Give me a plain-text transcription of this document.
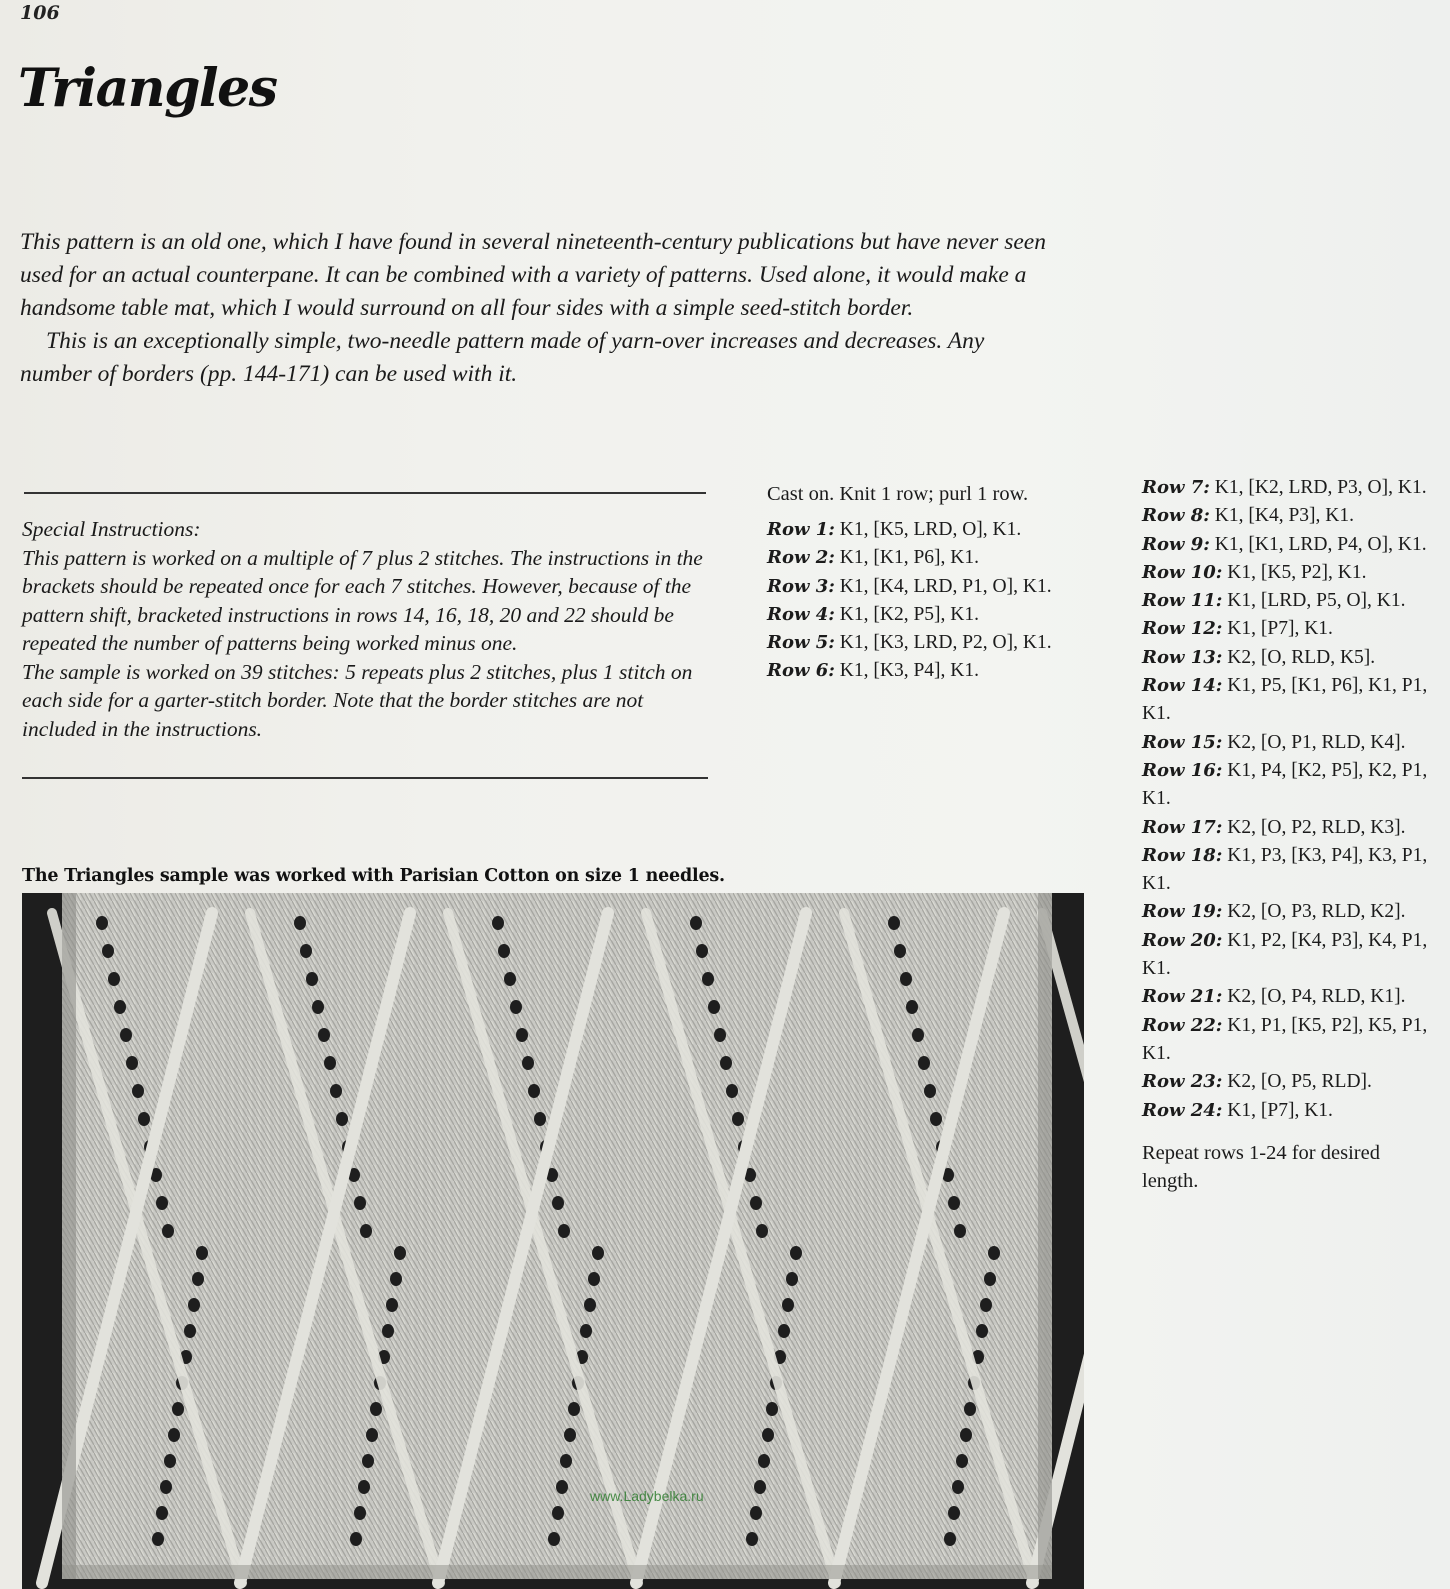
106
Triangles

This pattern is an old one, which I have found in several nineteenth-century publications but have never seen used for an actual counterpane. It can be combined with a variety of patterns. Used alone, it would make a handsome table mat, which I would surround on all four sides with a simple seed-stitch border.

This is an exceptionally simple, two-needle pattern made of yarn-over increases and decreases. Any number of borders (pp. 144-171) can be used with it.

Special Instructions:
This pattern is worked on a multiple of 7 plus 2 stitches. The instructions in the brackets should be repeated once for each 7 stitches. However, because of the pattern shift, bracketed instructions in rows 14, 16, 18, 20 and 22 should be repeated the number of patterns being worked minus one.
The sample is worked on 39 stitches: 5 repeats plus 2 stitches, plus 1 stitch on each side for a garter-stitch border. Note that the border stitches are not included in the instructions.
Cast on. Knit 1 row; purl 1 row.
Row 1: K1, [K5, LRD, O], K1.
Row 2: K1, [K1, P6], K1.
Row 3: K1, [K4, LRD, P1, O], K1.
Row 4: K1, [K2, P5], K1.
Row 5: K1, [K3, LRD, P2, O], K1.
Row 6: K1, [K3, P4], K1.
Row 7: K1, [K2, LRD, P3, O], K1.
Row 8: K1, [K4, P3], K1.
Row 9: K1, [K1, LRD, P4, O], K1.
Row 10: K1, [K5, P2], K1.
Row 11: K1, [LRD, P5, O], K1.
Row 12: K1, [P7], K1.
Row 13: K2, [O, RLD, K5].
Row 14: K1, P5, [K1, P6], K1, P1, K1.
Row 15: K2, [O, P1, RLD, K4].
Row 16: K1, P4, [K2, P5], K2, P1, K1.
Row 17: K2, [O, P2, RLD, K3].
Row 18: K1, P3, [K3, P4], K3, P1, K1.
Row 19: K2, [O, P3, RLD, K2].
Row 20: K1, P2, [K4, P3], K4, P1, K1.
Row 21: K2, [O, P4, RLD, K1].
Row 22: K1, P1, [K5, P2], K5, P1, K1.
Row 23: K2, [O, P5, RLD].
Row 24: K1, [P7], K1.
Repeat rows 1-24 for desired length.
The Triangles sample was worked with Parisian Cotton on size 1 needles.
www.Ladybelka.ru
